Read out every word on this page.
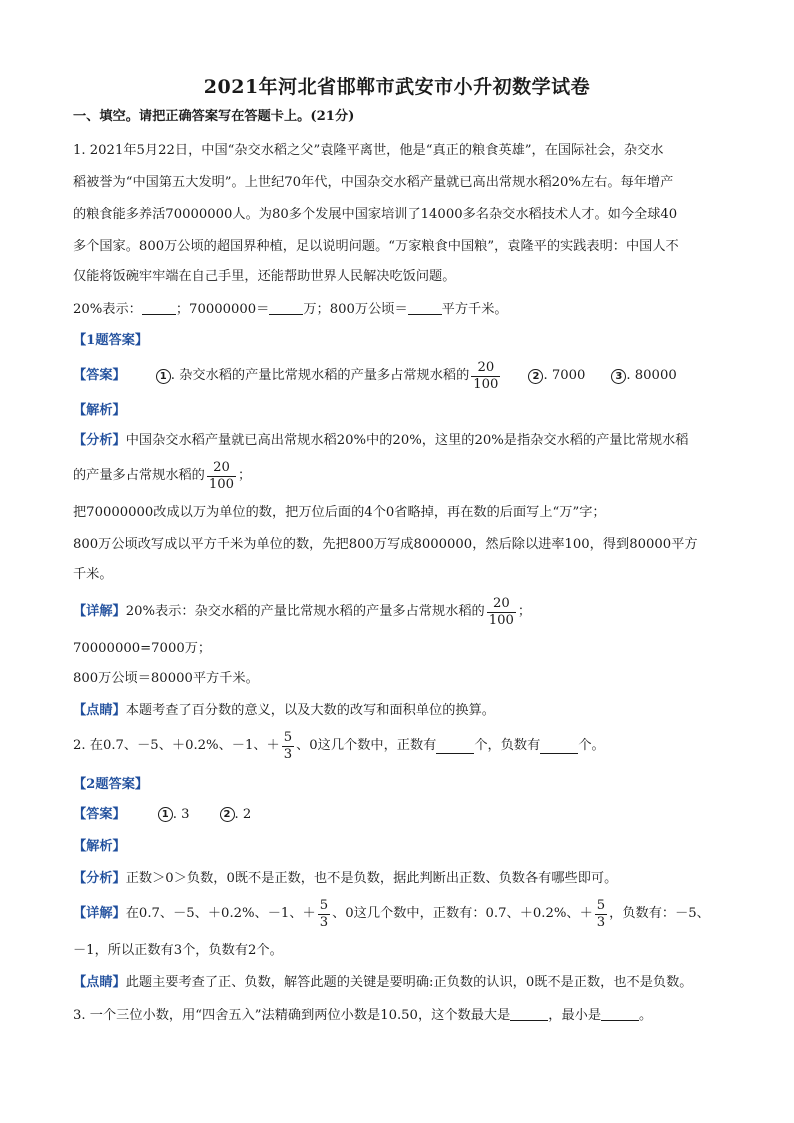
2021年河北省邯郸市武安市小升初数学试卷
一、填空。请把正确答案写在答题卡上。(21分)
1. 2021年5月22日，中国“杂交水稻之父”袁隆平离世，他是“真正的粮食英雄”，在国际社会，杂交水
稻被誉为“中国第五大发明”。上世纪70年代，中国杂交水稻产量就已高出常规水稻20%左右。每年增产
的粮食能多养活70000000人。为80多个发展中国家培训了14000多名杂交水稻技术人才。如今全球40
多个国家。800万公顷的超国界种植，足以说明问题。“万家粮食中国粮”，袁隆平的实践表明：中国人不
仅能将饭碗牢牢端在自己手里，还能帮助世界人民解决吃饭问题。
20%表示：	；70000000＝	万；800万公顷＝	平方千米。
【1题答案】
【答案】	1 . 杂交水稻的产量比常规水稻的产量多占常规水稻的 $\frac{20}{100}$	2 . 7000	3 . 80000
【解析】
【分析】中国杂交水稻产量就已高出常规水稻20%中的20%，这里的20%是指杂交水稻的产量比常规水稻
的产量多占常规水稻的 $\frac{20}{100}$ ；
把70000000改成以万为单位的数，把万位后面的4个0省略掉，再在数的后面写上“万”字；
800万公顷改写成以平方千米为单位的数，先把800万写成8000000，然后除以进率100，得到80000平方
千米。
【详解】 20%表示：杂交水稻的产量比常规水稻的产量多占常规水稻的 $\frac{20}{100}$ ；
70000000=7000万；
800万公顷＝80000平方千米。
【点睛】本题考查了百分数的意义，以及大数的改写和面积单位的换算。
2. 在0.7、－5、＋0.2%、－1、＋ $\frac{5}{3}$ 、0这几个数中，正数有	个，负数有	个。
【2题答案】
【答案】	1 . 3	2 . 2
【解析】
【分析】正数＞0＞负数，0既不是正数，也不是负数，据此判断出正数、负数各有哪些即可。
【详解】 在0.7、－5、＋0.2%、－1、＋ $\frac{5}{3}$ 、0这几个数中，正数有：0.7、＋0.2%、＋ $\frac{5}{3}$ ，负数有：－5、
－1，所以正数有3个，负数有2个。
【点睛】此题主要考查了正、负数，解答此题的关键是要明确:正负数的认识，0既不是正数，也不是负数。
3. 一个三位小数，用“四舍五入”法精确到两位小数是10.50，这个数最大是	，最小是	。
